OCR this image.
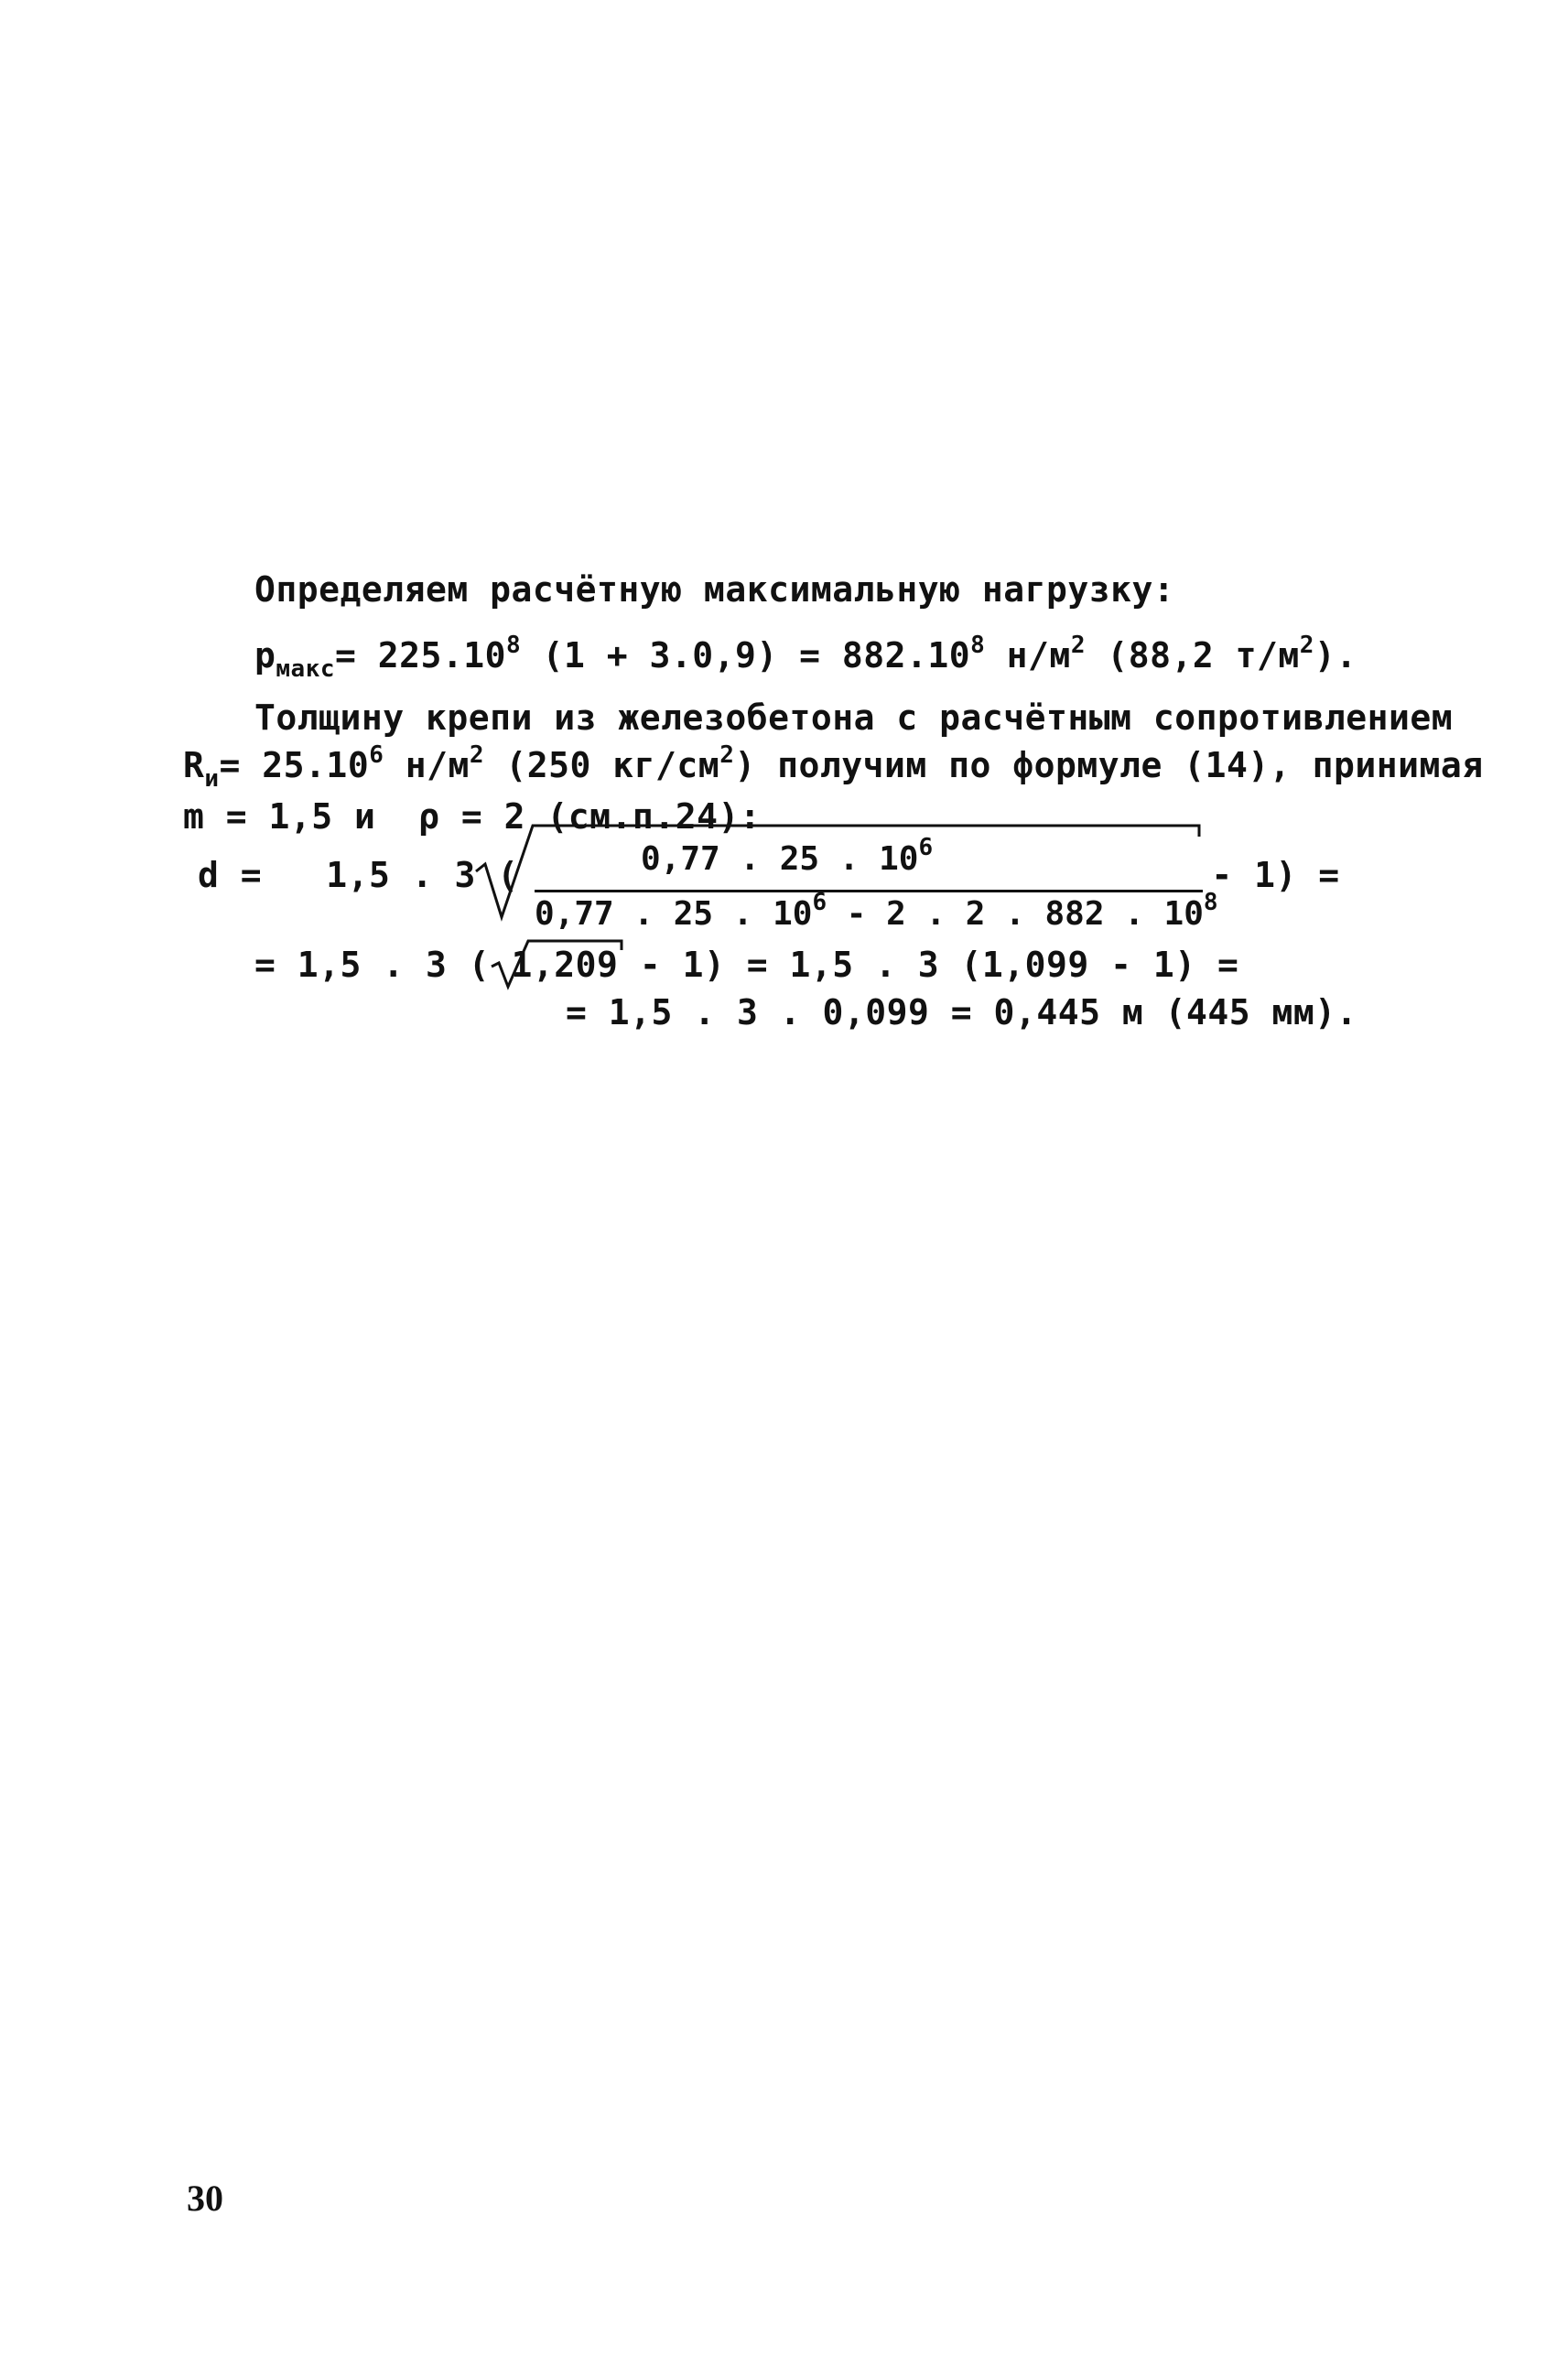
Определяем расчётную максимальную нагрузку:
$p_{макс}= 225.10^8$ $(1 + 3.0,9) = 882.10^8$ $н/м^2$ (88,2 $т/м^2$).
Толщину крепи из железобетона с расчётным сопротивлением
$R_и= 25.10^6$ $н/м^2$ (250 $кг/см^2$) получим по формуле (14), принимая
m = 1,5 и  ρ = 2 (см.п.24):
d =   1,5 . 3 (	0,77 . 25 . $10^6$
0,77 . 25 . $10^6 - 2$ . 2 . 882 . $10^8$
- 1) =
= 1,5 . 3 (
1,209 - 1) = 1,5 . 3 (1,099 - 1) =
= 1,5 . 3 . 0,099 = 0,445 м (445 мм).
30
